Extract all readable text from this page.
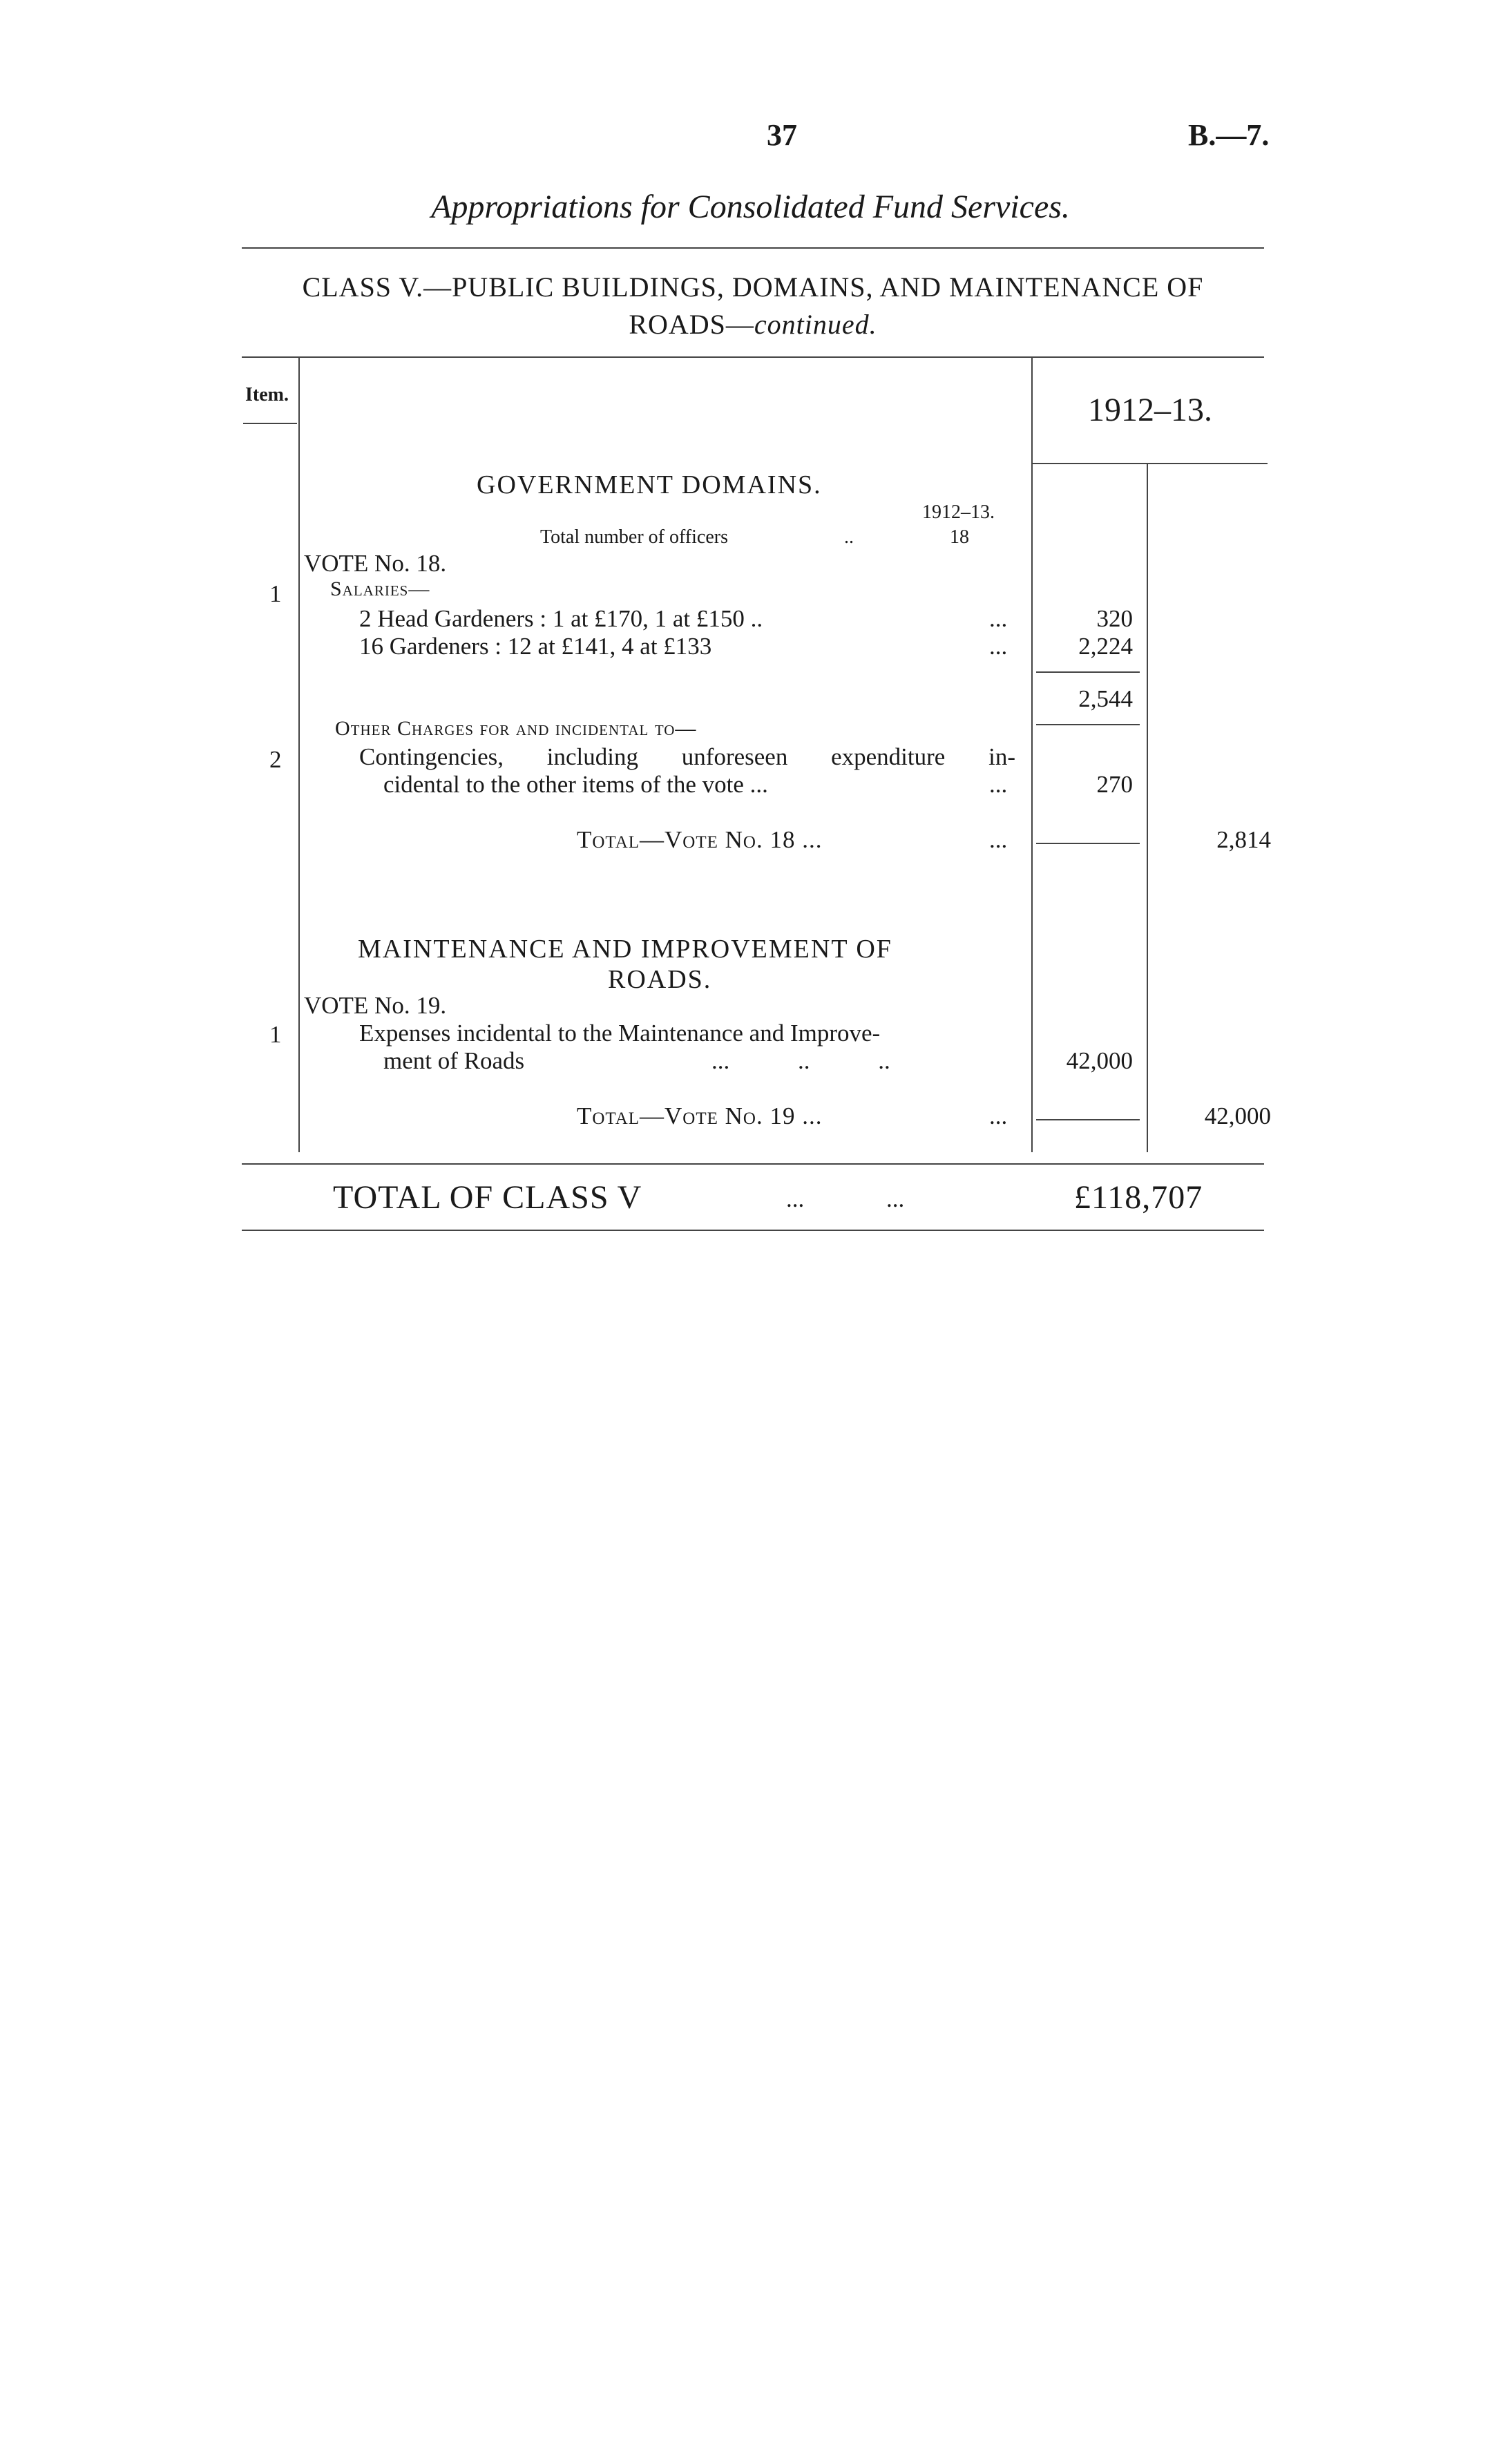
37	B.—7.
Appropriations for Consolidated Fund Services.
CLASS V.—PUBLIC BUILDINGS, DOMAINS, AND MAINTENANCE OF
ROADS—continued.
Item.	1912–13.
GOVERNMENT DOMAINS.
1912–13.
Total number of officers	..	18
VOTE No. 18.
1 Salaries—
2 Head Gardeners : 1 at £170, 1 at £150 ..	...	320
16 Gardeners : 12 at £141, 4 at £133	...	2,224
2,544
Other Charges for and incidental to—
2	Contingencies, including unforeseen expenditure in-
cidental to the other items of the vote ...	...	270
Total—Vote No. 18 ...	...	2,814
MAINTENANCE AND IMPROVEMENT OF
ROADS.
VOTE No. 19.
1	Expenses incidental to the Maintenance and Improve-
ment of Roads	... .. ..	42,000
Total—Vote No. 19 ...	...	42,000
TOTAL OF CLASS V	... ...	£118,707
